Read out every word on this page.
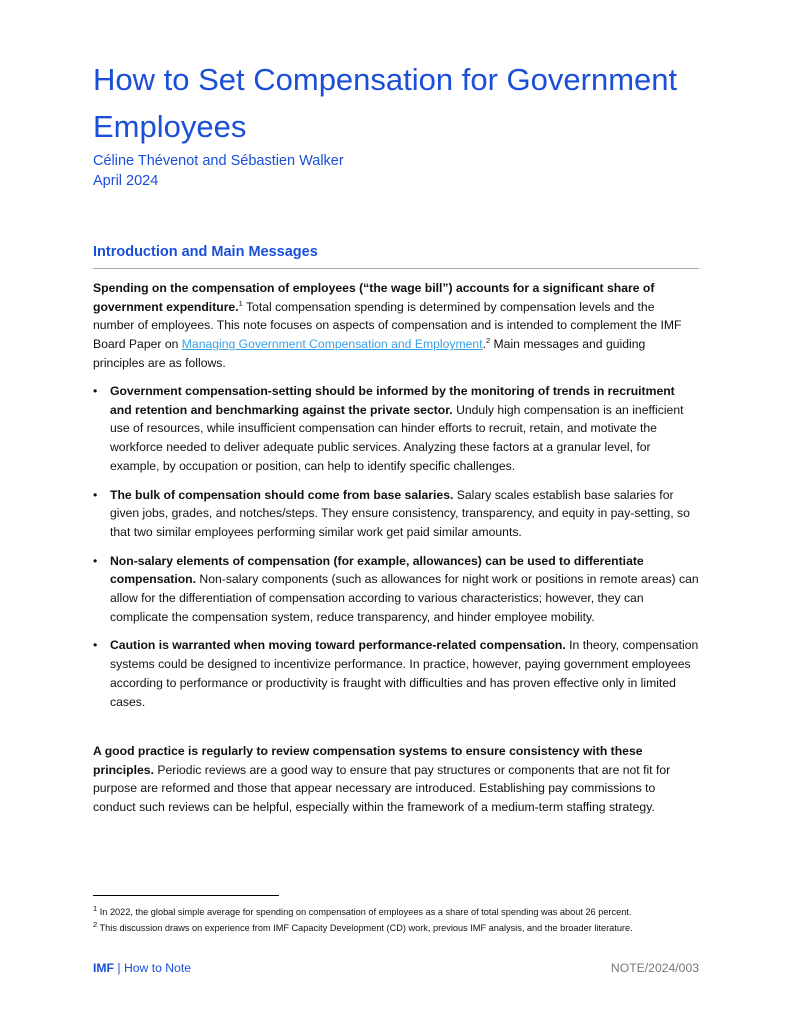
How to Set Compensation for Government Employees
Céline Thévenot and Sébastien Walker
April 2024
Introduction and Main Messages

Spending on the compensation of employees (“the wage bill”) accounts for a significant share of government expenditure.$^1$ Total compensation spending is determined by compensation levels and the number of employees. This note focuses on aspects of compensation and is intended to complement the IMF Board Paper on Managing Government Compensation and Employment.$^2$ Main messages and guiding principles are as follows.

• Government compensation-setting should be informed by the monitoring of trends in recruitment and retention and benchmarking against the private sector. Unduly high compensation is an inefficient use of resources, while insufficient compensation can hinder efforts to recruit, retain, and motivate the workforce needed to deliver adequate public services. Analyzing these factors at a granular level, for example, by occupation or position, can help to identify specific challenges.
• The bulk of compensation should come from base salaries. Salary scales establish base salaries for given jobs, grades, and notches/steps. They ensure consistency, transparency, and equity in pay-setting, so that two similar employees performing similar work get paid similar amounts.
• Non-salary elements of compensation (for example, allowances) can be used to differentiate compensation. Non-salary components (such as allowances for night work or positions in remote areas) can allow for the differentiation of compensation according to various characteristics; however, they can complicate the compensation system, reduce transparency, and hinder employee mobility.
• Caution is warranted when moving toward performance-related compensation. In theory, compensation systems could be designed to incentivize performance. In practice, however, paying government employees according to performance or productivity is fraught with difficulties and has proven effective only in limited cases.

A good practice is regularly to review compensation systems to ensure consistency with these principles. Periodic reviews are a good way to ensure that pay structures or components that are not fit for purpose are reformed and those that appear necessary are introduced. Establishing pay commissions to conduct such reviews can be helpful, especially within the framework of a medium-term staffing strategy.

$^1$ In 2022, the global simple average for spending on compensation of employees as a share of total spending was about 26 percent.

$^2$ This discussion draws on experience from IMF Capacity Development (CD) work, previous IMF analysis, and the broader literature.

IMF | How to Note	NOTE/2024/003
